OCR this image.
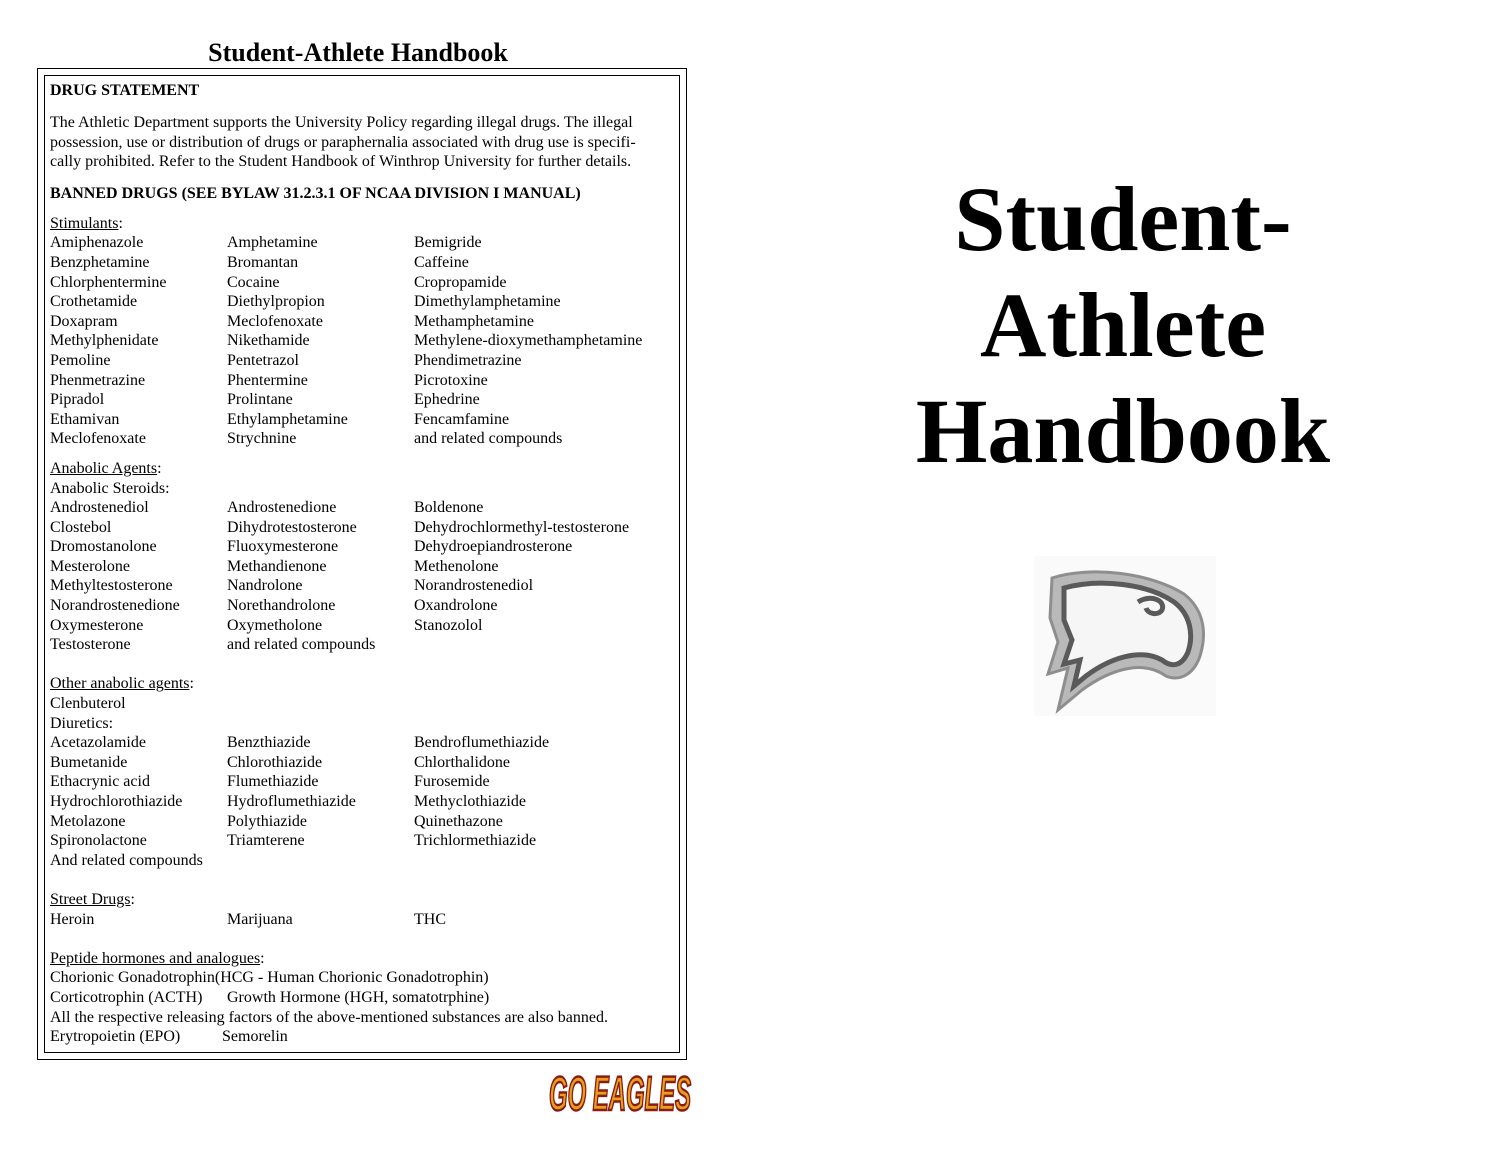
Student-Athlete Handbook
DRUG STATEMENT
The Athletic Department supports the University Policy regarding illegal drugs. The illegal
possession, use or distribution of drugs or paraphernalia associated with drug use is specifi-
cally prohibited. Refer to the Student Handbook of Winthrop University for further details.
BANNED DRUGS (SEE BYLAW 31.2.3.1 OF NCAA DIVISION I MANUAL)
Stimulants:
Amiphenazole	Amphetamine	Bemigride
Benzphetamine	Bromantan	Caffeine
Chlorphentermine	Cocaine	Cropropamide
Crothetamide	Diethylpropion	Dimethylamphetamine
Doxapram	Meclofenoxate	Methamphetamine
Methylphenidate	Nikethamide	Methylene-dioxymethamphetamine
Pemoline	Pentetrazol	Phendimetrazine
Phenmetrazine	Phentermine	Picrotoxine
Pipradol	Prolintane	Ephedrine
Ethamivan	Ethylamphetamine	Fencamfamine
Meclofenoxate	Strychnine	and related compounds
Anabolic Agents:
Anabolic Steroids:
Androstenediol	Androstenedione	Boldenone
Clostebol	Dihydrotestosterone	Dehydrochlormethyl-testosterone
Dromostanolone	Fluoxymesterone	Dehydroepiandrosterone
Mesterolone	Methandienone	Methenolone
Methyltestosterone	Nandrolone	Norandrostenediol
Norandrostenedione	Norethandrolone	Oxandrolone
Oxymesterone	Oxymetholone	Stanozolol
Testosterone	and related compounds
Other anabolic agents:
Clenbuterol
Diuretics:
Acetazolamide	Benzthiazide	Bendroflumethiazide
Bumetanide	Chlorothiazide	Chlorthalidone
Ethacrynic acid	Flumethiazide	Furosemide
Hydrochlorothiazide	Hydroflumethiazide	Methyclothiazide
Metolazone	Polythiazide	Quinethazone
Spironolactone	Triamterene	Trichlormethiazide
And related compounds
Street Drugs:
Heroin	Marijuana	THC
Peptide hormones and analogues:
Chorionic Gonadotrophin(HCG - Human Chorionic Gonadotrophin)
Corticotrophin (ACTH) Growth Hormone (HGH, somatotrphine)
All the respective releasing factors of the above-mentioned substances are also banned.
Erytropoietin (EPO)	Semorelin
Student-
Athlete
Handbook
GO EAGLES
